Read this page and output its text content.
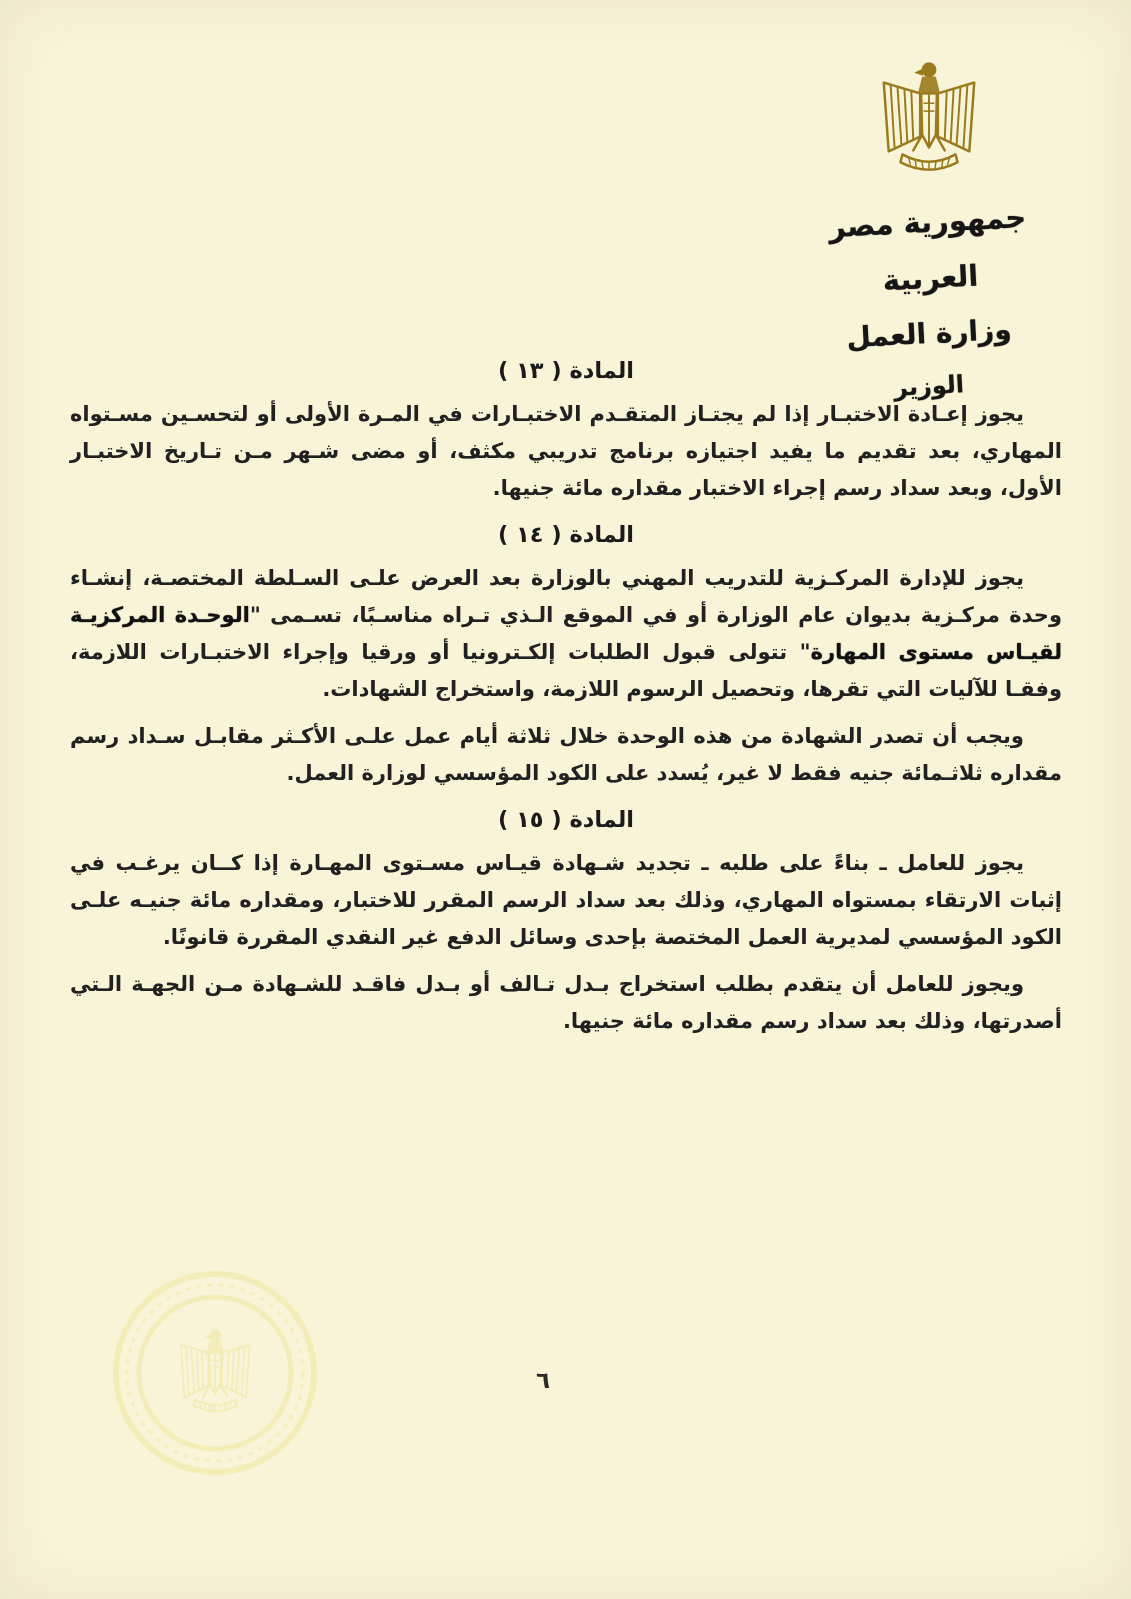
جمهورية مصر العربية
وزارة العمل
الوزير
المادة ( ١٣ )

يجوز إعـادة الاختبـار إذا لم يجتـاز المتقـدم الاختبـارات في المـرة الأولى أو لتحسـين مسـتواه المهاري، بعد تقديم ما يفيد اجتيازه برنامج تدريبي مكثف، أو مضى شـهر مـن تـاريخ الاختبـار الأول، وبعد سداد رسم إجراء الاختبار مقداره مائة جنيها.

المادة ( ١٤ )

يجوز للإدارة المركـزية للتدريب المهني بالوزارة بعد العرض علـى السـلطة المختصـة، إنشـاء وحدة مركـزية بديوان عام الوزارة أو في الموقع الـذي تـراه مناسـبًا، تسـمى "الوحـدة المركزيـة لقيـاس مستوى المهارة" تتولى قبول الطلبات إلكـترونيا أو ورقيا وإجراء الاختبـارات اللازمة، وفقـا للآليات التي تقرها، وتحصيل الرسوم اللازمة، واستخراج الشهادات.

ويجب أن تصدر الشهادة من هذه الوحدة خلال ثلاثة أيام عمل علـى الأكـثر مقابـل سـداد رسم مقداره ثلاثـمائة جنيه فقط لا غير، يُسدد على الكود المؤسسي لوزارة العمل.

المادة ( ١٥ )

يجوز للعامل ـ بناءً على طلبه ـ تجديد شـهادة قيـاس مسـتوى المهـارة إذا كــان يرغـب في إثبات الارتقاء بمستواه المهاري، وذلك بعد سداد الرسم المقرر للاختبار، ومقداره مائة جنيـه علـى الكود المؤسسي لمديرية العمل المختصة بإحدى وسائل الدفع غير النقدي المقررة قانونًا.

ويجوز للعامل أن يتقدم بطلب استخراج بـدل تـالف أو بـدل فاقـد للشـهادة مـن الجهـة الـتي أصدرتها، وذلك بعد سداد رسم مقداره مائة جنيها.

٦
